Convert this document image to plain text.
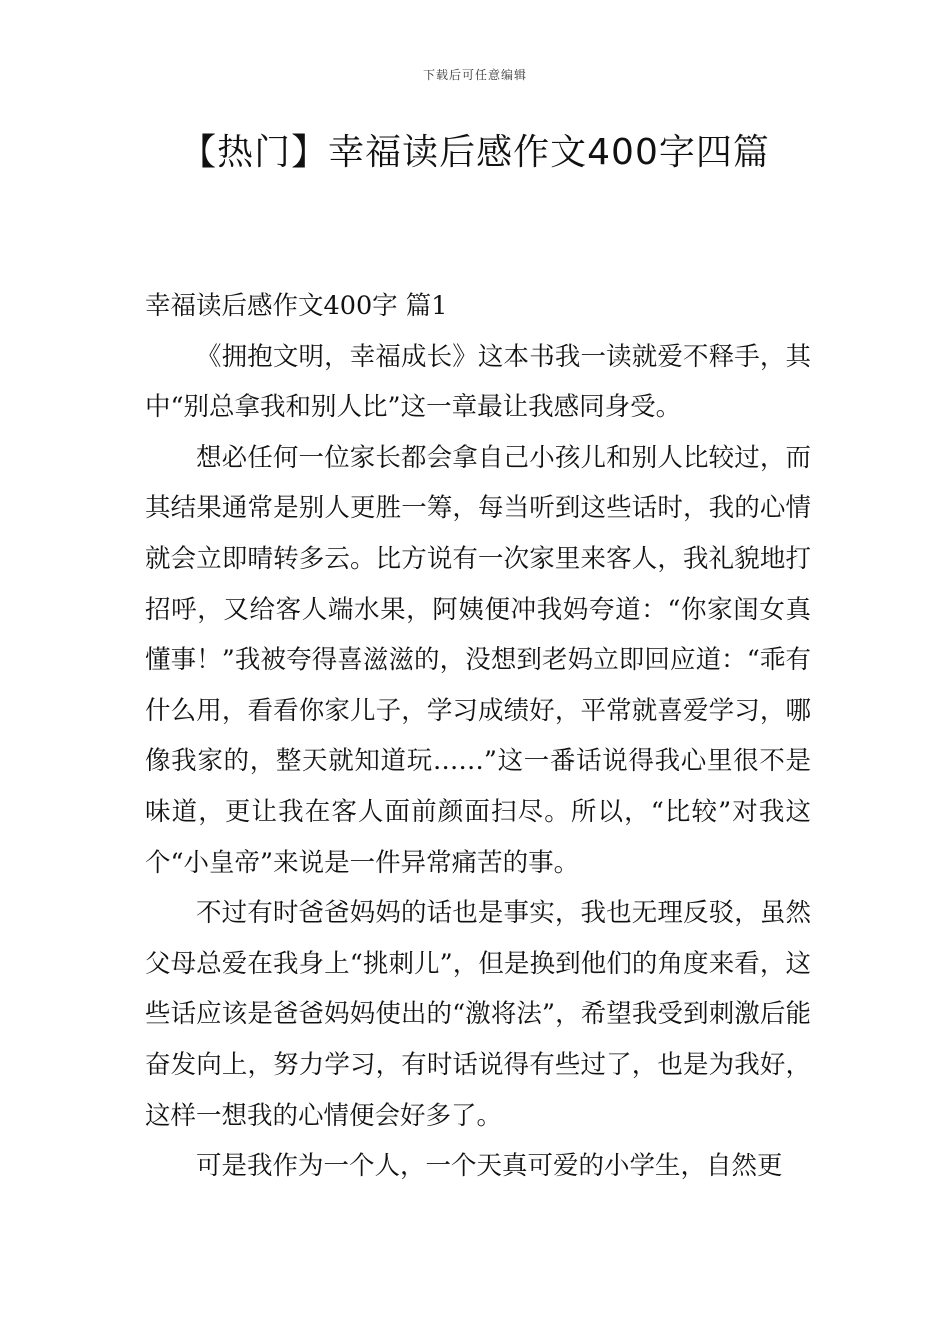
下载后可任意编辑
【热门】幸福读后感作文400字四篇

幸福读后感作文400字 篇1

《拥抱文明，幸福成长》这本书我一读就爱不释手，其中“别总拿我和别人比”这一章最让我感同身受。

想必任何一位家长都会拿自己小孩儿和别人比较过，而其结果通常是别人更胜一筹，每当听到这些话时，我的心情就会立即晴转多云。比方说有一次家里来客人，我礼貌地打招呼，又给客人端水果，阿姨便冲我妈夸道：“你家闺女真懂事！”我被夸得喜滋滋的，没想到老妈立即回应道：“乖有什么用，看看你家儿子，学习成绩好，平常就喜爱学习，哪像我家的，整天就知道玩……”这一番话说得我心里很不是味道，更让我在客人面前颜面扫尽。所以，“比较”对我这个“小皇帝”来说是一件异常痛苦的事。

不过有时爸爸妈妈的话也是事实，我也无理反驳，虽然父母总爱在我身上“挑刺儿”，但是换到他们的角度来看，这些话应该是爸爸妈妈使出的“激将法”，希望我受到刺激后能奋发向上，努力学习，有时话说得有些过了，也是为我好，这样一想我的心情便会好多了。

可是我作为一个人，一个天真可爱的小学生，自然更
